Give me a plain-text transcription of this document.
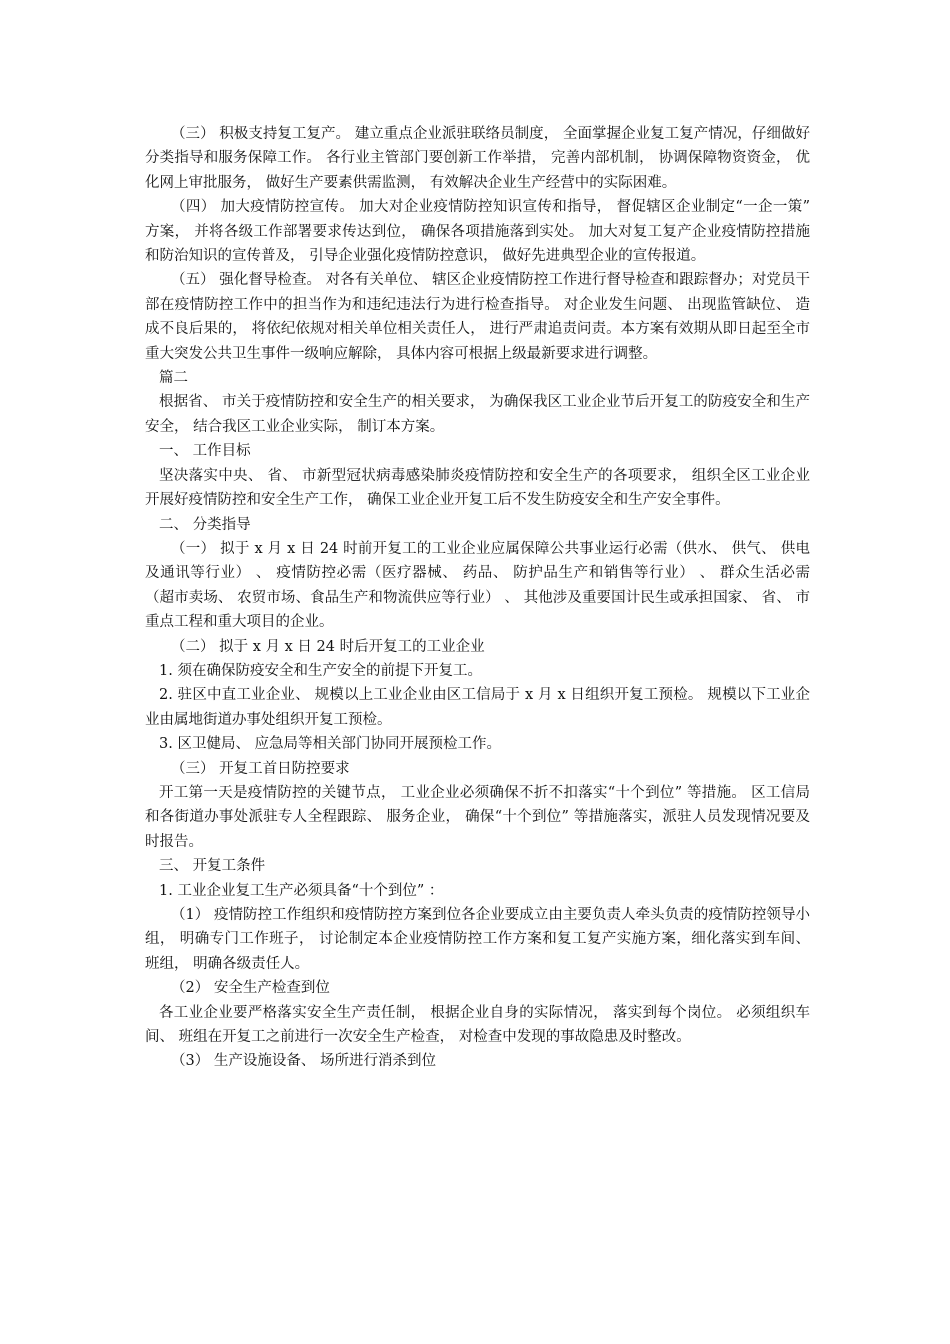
（三） 积极支持复工复产。 建立重点企业派驻联络员制度， 全面掌握企业复工复产情况，仔细做好分类指导和服务保障工作。 各行业主管部门要创新工作举措， 完善内部机制， 协调保障物资资金， 优化网上审批服务， 做好生产要素供需监测， 有效解决企业生产经营中的实际困难。

（四） 加大疫情防控宣传。 加大对企业疫情防控知识宣传和指导， 督促辖区企业制定“一企一策” 方案， 并将各级工作部署要求传达到位， 确保各项措施落到实处。 加大对复工复产企业疫情防控措施和防治知识的宣传普及， 引导企业强化疫情防控意识， 做好先进典型企业的宣传报道。

（五） 强化督导检查。 对各有关单位、 辖区企业疫情防控工作进行督导检查和跟踪督办；对党员干部在疫情防控工作中的担当作为和违纪违法行为进行检查指导。 对企业发生问题、 出现监管缺位、 造成不良后果的， 将依纪依规对相关单位相关责任人， 进行严肃追责问责。本方案有效期从即日起至全市重大突发公共卫生事件一级响应解除， 具体内容可根据上级最新要求进行调整。

篇二

根据省、 市关于疫情防控和安全生产的相关要求， 为确保我区工业企业节后开复工的防疫安全和生产安全， 结合我区工业企业实际， 制订本方案。

一、 工作目标

坚决落实中央、 省、 市新型冠状病毒感染肺炎疫情防控和安全生产的各项要求， 组织全区工业企业开展好疫情防控和安全生产工作， 确保工业企业开复工后不发生防疫安全和生产安全事件。

二、 分类指导

（一） 拟于 x 月 x 日 24 时前开复工的工业企业应属保障公共事业运行必需（供水、 供气、 供电及通讯等行业） 、 疫情防控必需（医疗器械、 药品、 防护品生产和销售等行业） 、 群众生活必需（超市卖场、 农贸市场、食品生产和物流供应等行业） 、 其他涉及重要国计民生或承担国家、 省、 市重点工程和重大项目的企业。

（二） 拟于 x 月 x 日 24 时后开复工的工业企业

1. 须在确保防疫安全和生产安全的前提下开复工。

2. 驻区中直工业企业、 规模以上工业企业由区工信局于 x 月 x 日组织开复工预检。 规模以下工业企业由属地街道办事处组织开复工预检。

3. 区卫健局、 应急局等相关部门协同开展预检工作。

（三） 开复工首日防控要求

开工第一天是疫情防控的关键节点， 工业企业必须确保不折不扣落实“十个到位” 等措施。 区工信局和各街道办事处派驻专人全程跟踪、 服务企业， 确保“十个到位” 等措施落实，派驻人员发现情况要及时报告。

三、 开复工条件

1. 工业企业复工生产必须具备“十个到位” ：

（1） 疫情防控工作组织和疫情防控方案到位各企业要成立由主要负责人牵头负责的疫情防控领导小组， 明确专门工作班子， 讨论制定本企业疫情防控工作方案和复工复产实施方案，细化落实到车间、 班组， 明确各级责任人。

（2） 安全生产检查到位

各工业企业要严格落实安全生产责任制， 根据企业自身的实际情况， 落实到每个岗位。 必须组织车间、 班组在开复工之前进行一次安全生产检查， 对检查中发现的事故隐患及时整改。

（3） 生产设施设备、 场所进行消杀到位
